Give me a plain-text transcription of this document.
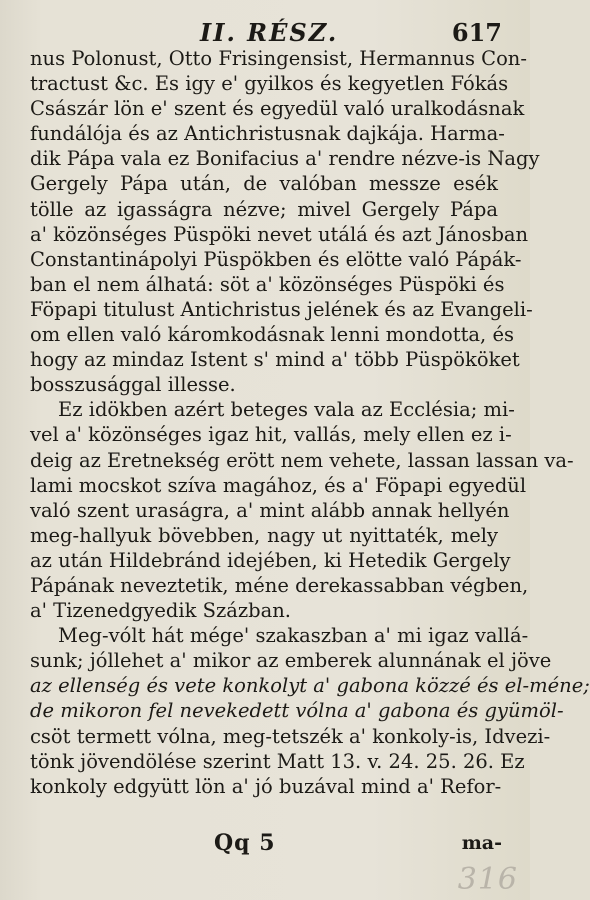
II. RÉSZ.	617
nus Polonust, Otto Frisingensist, Hermannus Con-
tractust &c. Es igy e' gyilkos és kegyetlen Fókás
Császár lön e' szent és egyedül való uralkodásnak
fundálója és az Antichristusnak dajkája. Harma-
dik Pápa vala ez Bonifacius a' rendre nézve-is Nagy
Gergely Pápa után, de valóban messze esék
tölle az igasságra nézve; mivel Gergely Pápa
a' közönséges Püspöki nevet utálá és azt Jánosban
Constantinápolyi Püspökben és elötte való Pápák-
ban el nem álhatá: söt a' közönséges Püspöki és
Föpapi titulust Antichristus jelének és az Evangeli-
om ellen való káromkodásnak lenni mondotta, és
hogy az mindaz Istent s' mind a' több Püspököket
bosszusággal illesse.
Ez idökben azért beteges vala az Ecclésia; mi-
vel a' közönséges igaz hit, vallás, mely ellen ez i-
deig az Eretnekség erött nem vehete, lassan lassan va-
lami mocskot szíva magához, és a' Föpapi egyedül
való szent uraságra, a' mint alább annak hellyén
meg-hallyuk bövebben, nagy ut nyittaték, mely
az után Hildebránd idejében, ki Hetedik Gergely
Pápának neveztetik, méne derekassabban végben,
a' Tizenedgyedik Százban.
Meg-vólt hát mége' szakaszban a' mi igaz vallá-
sunk; jóllehet a' mikor az emberek alunnának el jöve
az ellenség és vete konkolyt a' gabona közzé és el-méne;
de mikoron fel nevekedett vólna a' gabona és gyümöl-
csöt termett vólna, meg-tetszék a' konkoly-is, Idvezi-
tönk jövendölése szerint Matt 13. v. 24. 25. 26. Ez
konkoly edgyütt lön a' jó buzával mind a' Refor-
Qq 5	ma-
316
